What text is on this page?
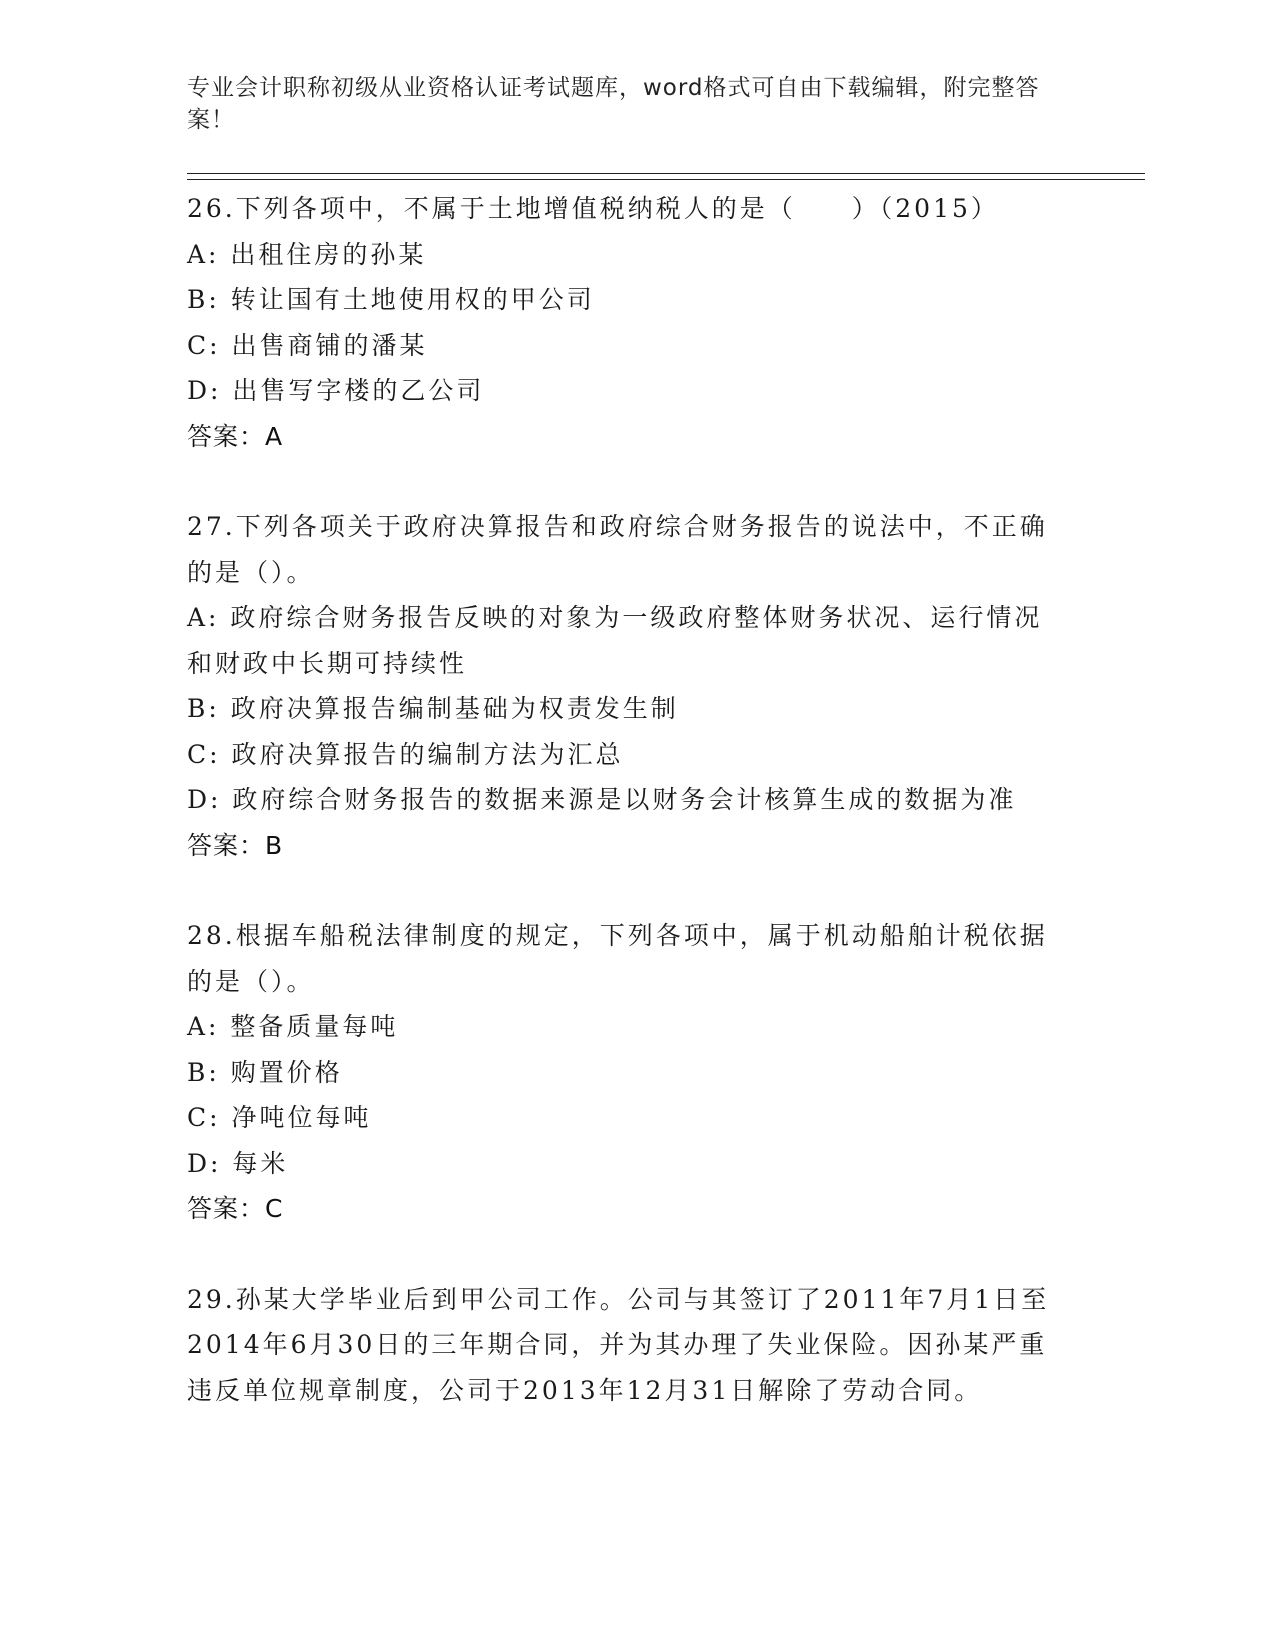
专业会计职称初级从业资格认证考试题库，word格式可自由下载编辑，附完整答案！
26.下列各项中，不属于土地增值税纳税人的是（　　）（2015）
A: 出租住房的孙某
B: 转让国有土地使用权的甲公司
C: 出售商铺的潘某
D: 出售写字楼的乙公司
答案：A
27.下列各项关于政府决算报告和政府综合财务报告的说法中，不正确的是（）。
A: 政府综合财务报告反映的对象为一级政府整体财务状况、运行情况和财政中长期可持续性
B: 政府决算报告编制基础为权责发生制
C: 政府决算报告的编制方法为汇总
D: 政府综合财务报告的数据来源是以财务会计核算生成的数据为准
答案：B
28.根据车船税法律制度的规定，下列各项中，属于机动船舶计税依据的是（）。
A: 整备质量每吨
B: 购置价格
C: 净吨位每吨
D: 每米
答案：C
29.孙某大学毕业后到甲公司工作。公司与其签订了2011年7月1日至2014年6月30日的三年期合同，并为其办理了失业保险。因孙某严重违反单位规章制度，公司于2013年12月31日解除了劳动合同。
